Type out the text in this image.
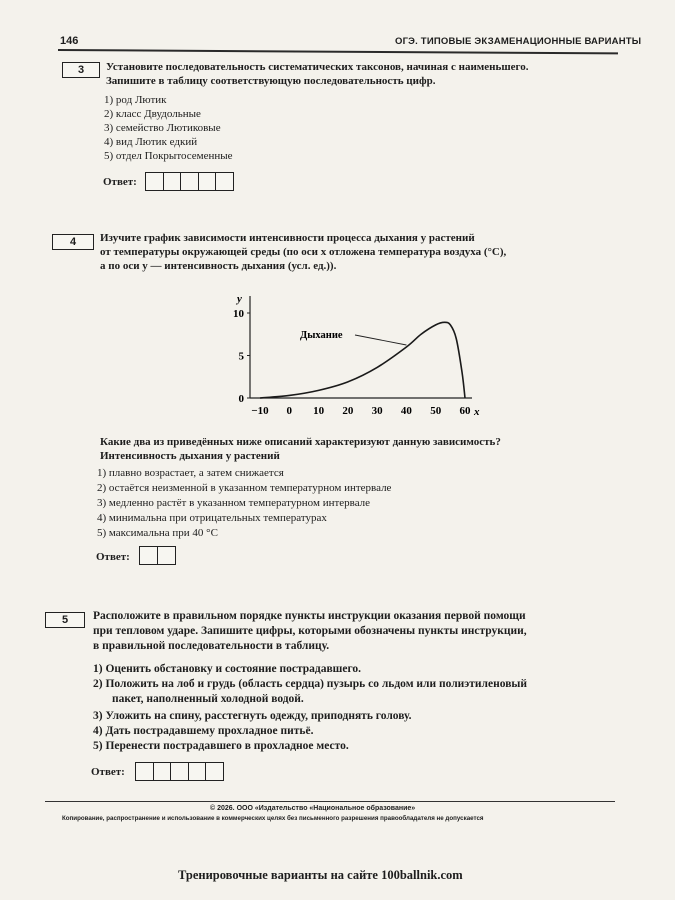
146	ОГЭ. ТИПОВЫЕ ЭКЗАМЕНАЦИОННЫЕ ВАРИАНТЫ
3	Установите последовательность систематических таксонов, начиная с наименьшего.
Запишите в таблицу соответствующую последовательность цифр.
1) род Лютик
2) класс Двудольные
3) семейство Лютиковые
4) вид Лютик едкий
5) отдел Покрытосеменные
Ответ:
4	Изучите график зависимости интенсивности процесса дыхания у растений
от температуры окружающей среды (по оси x отложена температура воздуха (°С),
а по оси y — интенсивность дыхания (усл. ед.)).
x
y
−10 0 10 20 30 40 50 60
0
5
10
Дыхание
Какие два из приведённых ниже описаний характеризуют данную зависимость?
Интенсивность дыхания у растений
1) плавно возрастает, а затем снижается
2) остаётся неизменной в указанном температурном интервале
3) медленно растёт в указанном температурном интервале
4) минимальна при отрицательных температурах
5) максимальна при 40 °С
Ответ:
5	Расположите в правильном порядке пункты инструкции оказания первой помощи
при тепловом ударе. Запишите цифры, которыми обозначены пункты инструкции,
в правильной последовательности в таблицу.
1) Оценить обстановку и состояние пострадавшего.
2) Положить на лоб и грудь (область сердца) пузырь со льдом или полиэтиленовый
пакет, наполненный холодной водой.
3) Уложить на спину, расстегнуть одежду, приподнять голову.
4) Дать пострадавшему прохладное питьё.
5) Перенести пострадавшего в прохладное место.
Ответ:
© 2026. ООО «Издательство «Национальное образование»
Копирование, распространение и использование в коммерческих целях без письменного разрешения правообладателя не допускается
Тренировочные варианты на сайте 100ballnik.com
